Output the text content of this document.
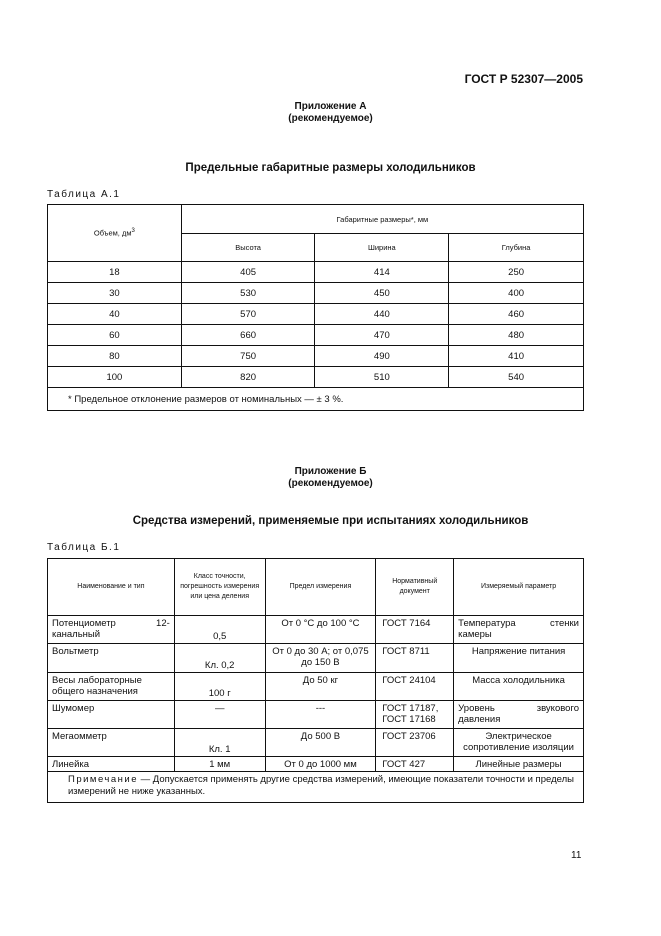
ГОСТ Р 52307—2005
Приложение А
(рекомендуемое)
Предельные габаритные размеры холодильников
Таблица А.1
Объем, $дм^3$	Габаритные размеры*, мм		
	Высота	Ширина	Глубина
18	405	414	250
30	530	450	400
40	570	440	460
60	660	470	480
80	750	490	410
100	820	510	540
* Предельное отклонение размеров от номинальных — ± 3 %.			
Приложение Б
(рекомендуемое)
Средства измерений, применяемые при испытаниях холодильников
Таблица Б.1
Наименование и тип	Класс точности, погрешность измерения или цена деления	Предел измерения	Нормативный документ	Измеряемый параметр
Потенциометр 12-канальный	0,5	От 0 °С до 100 °С	ГОСТ 7164	Температура стенки камеры
Вольтметр	Кл. 0,2	От 0 до 30 А; от 0,075 до 150 В	ГОСТ 8711	Напряжение питания
Весы лабораторные общего назначения	100 г	До 50 кг	ГОСТ 24104	Масса холодильника
Шумомер	—	---	ГОСТ 17187, ГОСТ 17168	Уровень звукового давления
Мегаомметр	Кл. 1	До 500 В	ГОСТ 23706	Электрическое сопротивление изоляции
Линейка	1 мм	От 0 до 1000 мм	ГОСТ 427	Линейные размеры
Примечание — Допускается применять другие средства измерений, имеющие показатели точности и пределы измерений не ниже указанных.				
11
